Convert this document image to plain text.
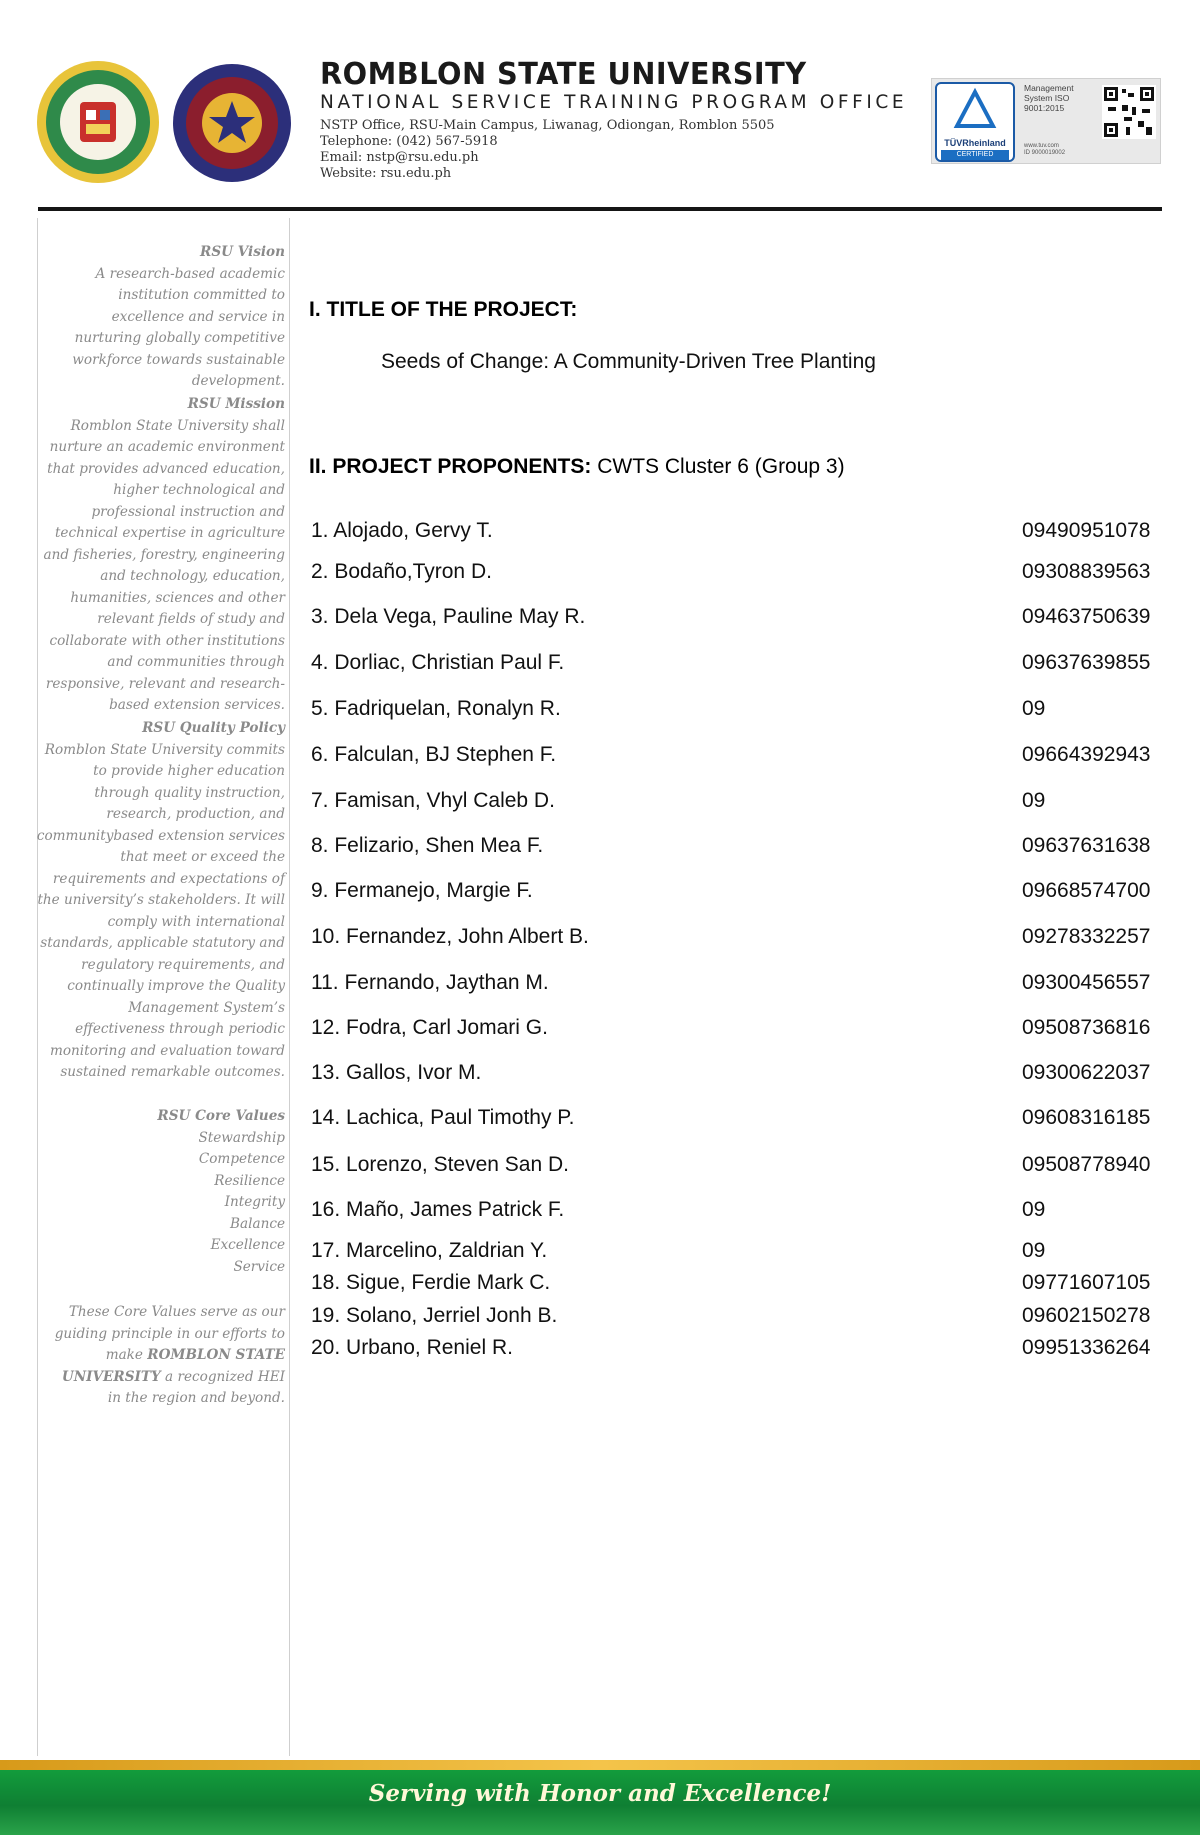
ROMBLON STATE UNIVERSITY
NATIONAL SERVICE TRAINING PROGRAM OFFICE
NSTP Office, RSU-Main Campus, Liwanag, Odiongan, Romblon 5505
Telephone: (042) 567-5918
Email: nstp@rsu.edu.ph
Website: rsu.edu.ph
TÜVRheinland
CERTIFIED
Management System ISO 9001:2015
www.tuv.com
ID 9000019002
RSU Vision
A research-based academic institution committed to excellence and service in nurturing globally competitive workforce towards sustainable development.
RSU Mission
Romblon State University shall nurture an academic environment that provides advanced education, higher technological and professional instruction and technical expertise in agriculture and fisheries, forestry, engineering and technology, education, humanities, sciences and other relevant fields of study and collaborate with other institutions and communities through responsive, relevant and research-based extension services.
RSU Quality Policy
Romblon State University commits to provide higher education through quality instruction, research, production, and communitybased extension services that meet or exceed the requirements and expectations of the university’s stakeholders. It will comply with international standards, applicable statutory and regulatory requirements, and continually improve the Quality Management System’s effectiveness through periodic monitoring and evaluation toward sustained remarkable outcomes.
RSU Core Values
Stewardship
Competence
Resilience
Integrity
Balance
Excellence
Service
These Core Values serve as our guiding principle in our efforts to make ROMBLON STATE UNIVERSITY a recognized HEI in the region and beyond.
I. TITLE OF THE PROJECT:
Seeds of Change: A Community-Driven Tree Planting
II. PROJECT PROPONENTS: CWTS Cluster 6 (Group 3)
1. Alojado, Gervy T.	09490951078
2. Bodaño,Tyron D.	09308839563
3. Dela Vega, Pauline May R.	09463750639
4. Dorliac, Christian Paul F.	09637639855
5. Fadriquelan, Ronalyn R.	09
6. Falculan, BJ Stephen F.	09664392943
7. Famisan, Vhyl Caleb D.	09
8. Felizario, Shen Mea F.	09637631638
9. Fermanejo, Margie F.	09668574700
10. Fernandez, John Albert B.	09278332257
11. Fernando, Jaythan M.	09300456557
12. Fodra, Carl Jomari G.	09508736816
13. Gallos, Ivor M.	09300622037
14. Lachica, Paul Timothy P.	09608316185
15. Lorenzo, Steven San D.	09508778940
16. Maño, James Patrick F.	09
17. Marcelino, Zaldrian Y.	09
18. Sigue, Ferdie Mark C.	09771607105
19. Solano, Jerriel Jonh B.	09602150278
20. Urbano, Reniel R.	09951336264
Serving with Honor and Excellence!
